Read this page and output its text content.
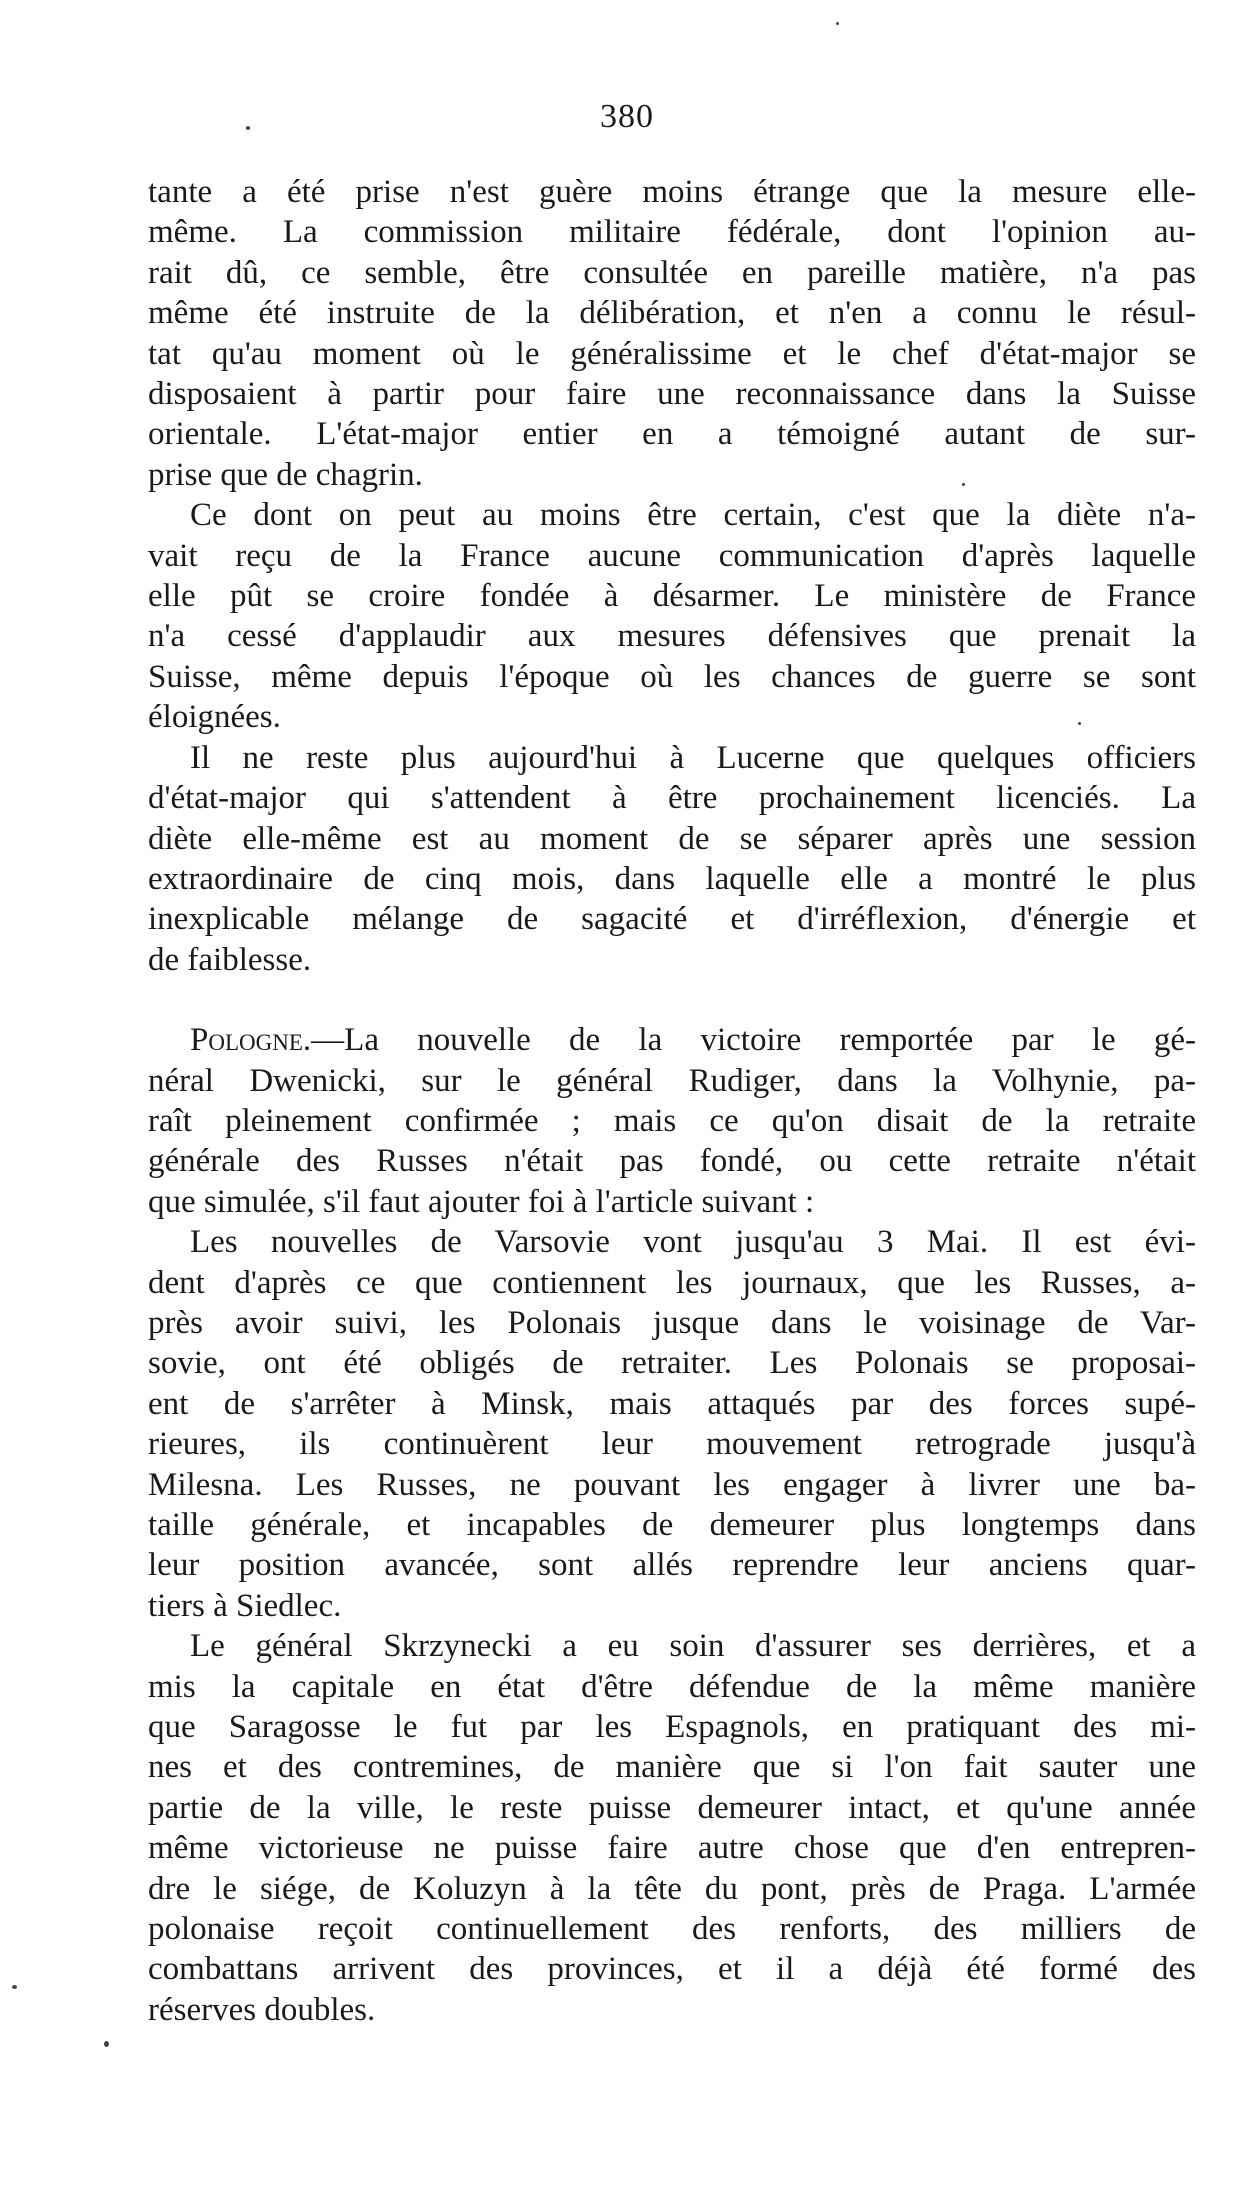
380
tante a été prise n'est guère moins étrange que la mesure elle-
même. La commission militaire fédérale, dont l'opinion au-
rait dû, ce semble, être consultée en pareille matière, n'a pas
même été instruite de la délibération, et n'en a connu le résul-
tat qu'au moment où le généralissime et le chef d'état-major se
disposaient à partir pour faire une reconnaissance dans la Suisse
orientale. L'état-major entier en a témoigné autant de sur-
prise que de chagrin.
Ce dont on peut au moins être certain, c'est que la diète n'a-
vait reçu de la France aucune communication d'après laquelle
elle pût se croire fondée à désarmer. Le ministère de France
n'a cessé d'applaudir aux mesures défensives que prenait la
Suisse, même depuis l'époque où les chances de guerre se sont
éloignées.
Il ne reste plus aujourd'hui à Lucerne que quelques officiers
d'état-major qui s'attendent à être prochainement licenciés. La
diète elle-même est au moment de se séparer après une session
extraordinaire de cinq mois, dans laquelle elle a montré le plus
inexplicable mélange de sagacité et d'irréflexion, d'énergie et
de faiblesse.
Pologne.—La nouvelle de la victoire remportée par le gé-
néral Dwenicki, sur le général Rudiger, dans la Volhynie, pa-
raît pleinement confirmée ; mais ce qu'on disait de la retraite
générale des Russes n'était pas fondé, ou cette retraite n'était
que simulée, s'il faut ajouter foi à l'article suivant :
Les nouvelles de Varsovie vont jusqu'au 3 Mai. Il est évi-
dent d'après ce que contiennent les journaux, que les Russes, a-
près avoir suivi, les Polonais jusque dans le voisinage de Var-
sovie, ont été obligés de retraiter. Les Polonais se proposai-
ent de s'arrêter à Minsk, mais attaqués par des forces supé-
rieures, ils continuèrent leur mouvement retrograde jusqu'à
Milesna. Les Russes, ne pouvant les engager à livrer une ba-
taille générale, et incapables de demeurer plus longtemps dans
leur position avancée, sont allés reprendre leur anciens quar-
tiers à Siedlec.
Le général Skrzynecki a eu soin d'assurer ses derrières, et a
mis la capitale en état d'être défendue de la même manière
que Saragosse le fut par les Espagnols, en pratiquant des mi-
nes et des contremines, de manière que si l'on fait sauter une
partie de la ville, le reste puisse demeurer intact, et qu'une année
même victorieuse ne puisse faire autre chose que d'en entrepren-
dre le siége, de Koluzyn à la tête du pont, près de Praga. L'armée
polonaise reçoit continuellement des renforts, des milliers de
combattans arrivent des provinces, et il a déjà été formé des
réserves doubles.
